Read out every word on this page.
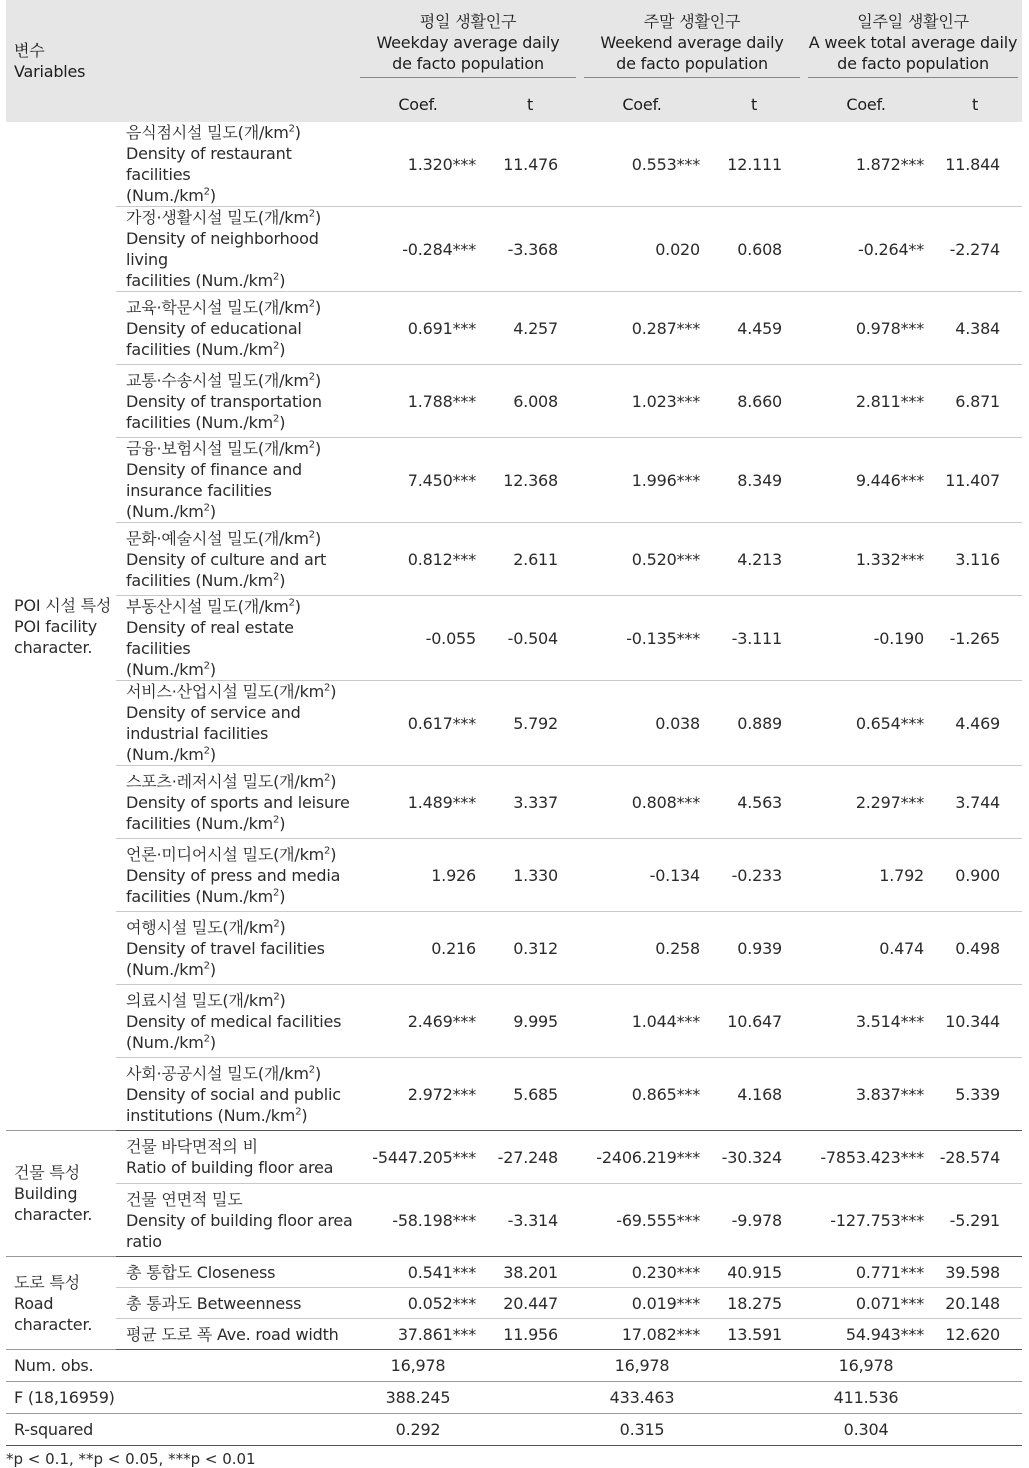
변수
Variables		평일 생활인구
Weekday average daily
de facto population		주말 생활인구
Weekend average daily
de facto population		일주일 생활인구
A week total average daily
de facto population	

		Coef.	t	Coef.	t	Coef.	t

POI 시설 특성
POI facility
character.	음식점시설 밀도(개$/km^2$)
Density of restaurant facilities
$(Num./km^2)$	1.320***	11.476	0.553***	12.111	1.872***	11.844

	가정·생활시설 밀도(개$/km^2$)
Density of neighborhood living
facilities $(Num./km^2)$	-0.284***	-3.368	0.020	0.608	-0.264**	-2.274

	교육·학문시설 밀도(개$/km^2$)
Density of educational
facilities $(Num./km^2)$	0.691***	4.257	0.287***	4.459	0.978***	4.384

	교통·수송시설 밀도(개$/km^2$)
Density of transportation
facilities $(Num./km^2)$	1.788***	6.008	1.023***	8.660	2.811***	6.871

	금융·보험시설 밀도(개$/km^2$)
Density of finance and
insurance facilities $(Num./km^2)$	7.450***	12.368	1.996***	8.349	9.446***	11.407

	문화·예술시설 밀도(개$/km^2$)
Density of culture and art
facilities $(Num./km^2)$	0.812***	2.611	0.520***	4.213	1.332***	3.116

	부동산시설 밀도(개$/km^2$)
Density of real estate facilities
$(Num./km^2)$	-0.055	-0.504	-0.135***	-3.111	-0.190	-1.265

	서비스·산업시설 밀도(개$/km^2$)
Density of service and
industrial facilities $(Num./km^2)$	0.617***	5.792	0.038	0.889	0.654***	4.469

	스포츠·레저시설 밀도(개$/km^2$)
Density of sports and leisure
facilities $(Num./km^2)$	1.489***	3.337	0.808***	4.563	2.297***	3.744

	언론·미디어시설 밀도(개$/km^2$)
Density of press and media
facilities $(Num./km^2)$	1.926	1.330	-0.134	-0.233	1.792	0.900

	여행시설 밀도(개$/km^2$)
Density of travel facilities
$(Num./km^2)$	0.216	0.312	0.258	0.939	0.474	0.498

	의료시설 밀도(개$/km^2$)
Density of medical facilities
$(Num./km^2)$	2.469***	9.995	1.044***	10.647	3.514***	10.344

	사회·공공시설 밀도(개$/km^2$)
Density of social and public
institutions $(Num./km^2)$	2.972***	5.685	0.865***	4.168	3.837***	5.339

건물 특성
Building
character.	건물 바닥면적의 비
Ratio of building floor area	-5447.205***	-27.248	-2406.219***	-30.324	-7853.423***	-28.574

	건물 연면적 밀도
Density of building floor area
ratio	-58.198***	-3.314	-69.555***	-9.978	-127.753***	-5.291

도로 특성
Road
character.	총 통합도 Closeness	0.541***	38.201	0.230***	40.915	0.771***	39.598
	총 통과도 Betweenness	0.052***	20.447	0.019***	18.275	0.071***	20.148
	평균 도로 폭 Ave. road width	37.861***	11.956	17.082***	13.591	54.943***	12.620
Num. obs.		16,978		16,978		16,978	
F (18,16959)		388.245		433.463		411.536	
R-squared		0.292		0.315		0.304	
*p < 0.1, **p < 0.05, ***p < 0.01
